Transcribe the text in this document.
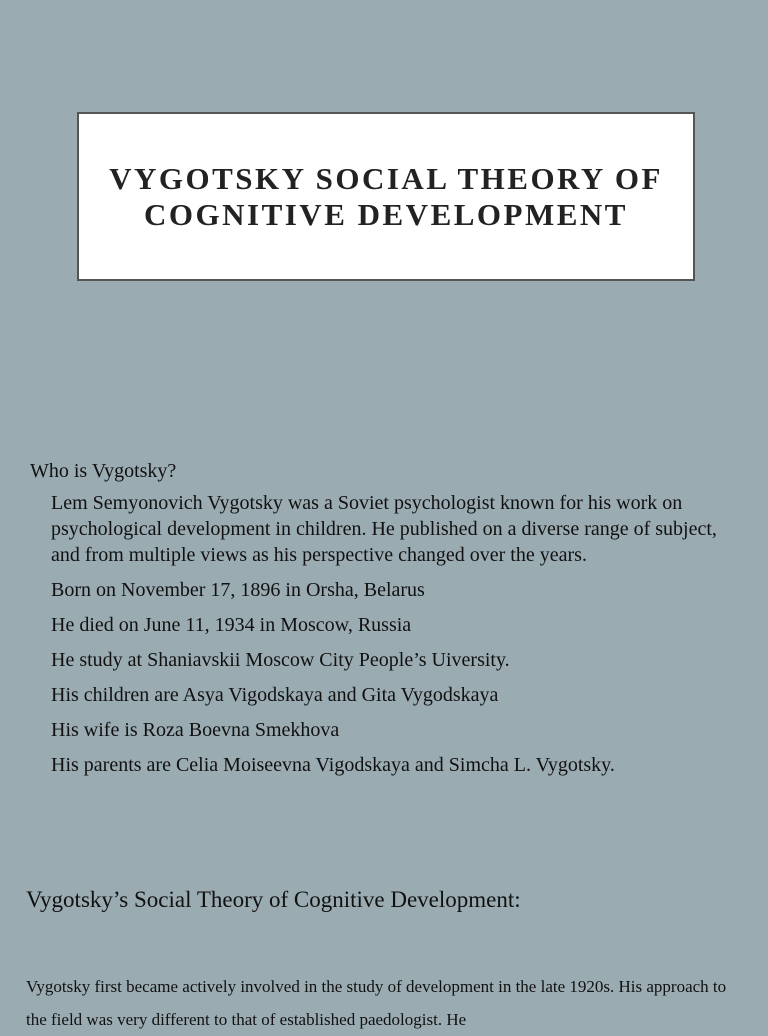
VYGOTSKY SOCIAL THEORY OF
COGNITIVE DEVELOPMENT

Who is Vygotsky?

Lem Semyonovich Vygotsky was a Soviet psychologist known for his work on psychological development in children. He published on a diverse range of subject, and from multiple views as his perspective changed over the years.
Born on November 17, 1896 in Orsha, Belarus
He died on June 11, 1934 in Moscow, Russia
He study at Shaniavskii Moscow City People’s Uiversity.
His children are Asya Vigodskaya and Gita Vygodskaya
His wife is Roza Boevna Smekhova
His parents are Celia Moiseevna Vigodskaya and Simcha L. Vygotsky.
Vygotsky’s Social Theory of Cognitive Development:

Vygotsky first became actively involved in the study of development in the late 1920s. His approach to the field was very different to that of established paedologist. He
